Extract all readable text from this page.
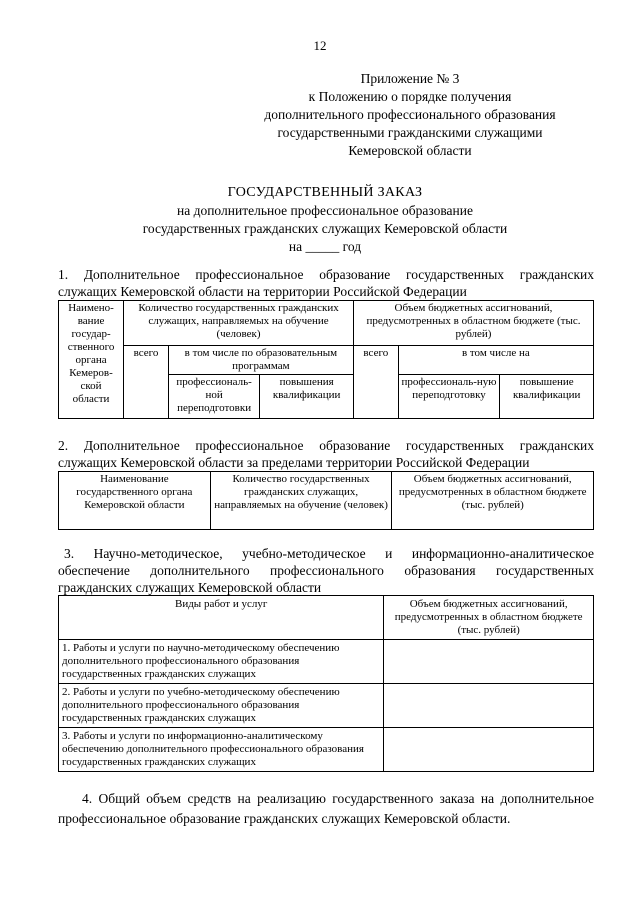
12
Приложение № 3
к Положению о порядке получения
дополнительного профессионального образования
государственными гражданскими служащими
Кемеровской области
ГОСУДАРСТВЕННЫЙ ЗАКАЗ
на дополнительное профессиональное образование
государственных гражданских служащих Кемеровской области
на _____ год
1. Дополнительное профессиональное образование государственных гражданских служащих Кемеровской области на территории Российской Федерации
Наимено-вание государ-ственного органа Кемеров-ской области	Количество государственных гражданских служащих, направляемых на обучение (человек)			Объем бюджетных ассигнований, предусмотренных в областном бюджете (тыс. рублей)		
	всего	в том числе по образовательным программам		всего	в том числе на	
		профессиональ-ной переподготовки	повышения квалификации		профессиональ-ную переподготовку	повышение квалификации
2. Дополнительное профессиональное образование государственных гражданских служащих Кемеровской области за пределами территории Российской Федерации
Наименование государственного органа Кемеровской области	Количество государственных гражданских служащих, направляемых на обучение (человек)	Объем бюджетных ассигнований, предусмотренных в областном бюджете (тыс. рублей)
3. Научно-методическое, учебно-методическое и информационно-аналитическое обеспечение дополнительного профессионального образования государственных гражданских служащих Кемеровской области
Виды работ и услуг	Объем бюджетных ассигнований, предусмотренных в областном бюджете (тыс. рублей)
1. Работы и услуги по научно-методическому обеспечению дополнительного профессионального образования государственных гражданских служащих	
2. Работы и услуги по учебно-методическому обеспечению дополнительного профессионального образования государственных гражданских служащих	
3. Работы и услуги по информационно-аналитическому обеспечению дополнительного профессионального образования государственных гражданских служащих	
4. Общий объем средств на реализацию государственного заказа на дополнительное профессиональное образование гражданских служащих Кемеровской области.
